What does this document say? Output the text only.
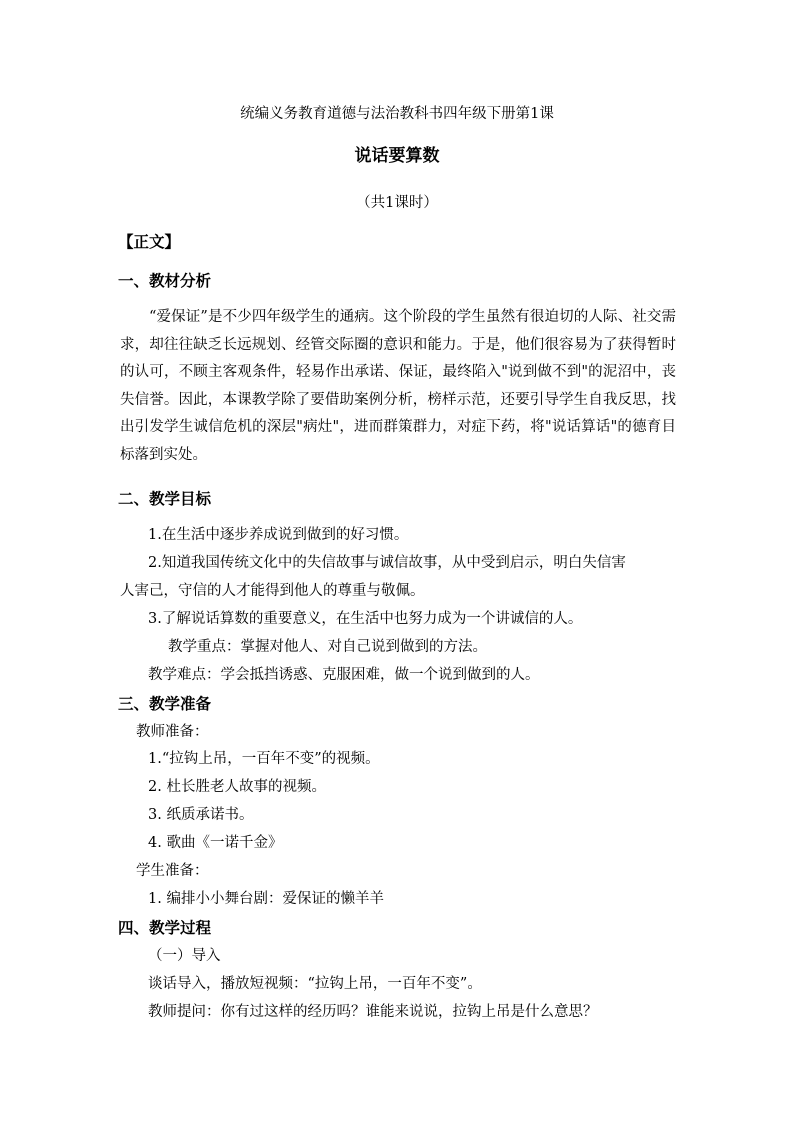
统编义务教育道德与法治教科书四年级下册第1课
说话要算数
（共1课时）
【正文】
一、教材分析
“爱保证”是不少四年级学生的通病。这个阶段的学生虽然有很迫切的人际、社交需求，却往往缺乏长远规划、经管交际圈的意识和能力。于是，他们很容易为了获得暂时的认可，不顾主客观条件，轻易作出承诺、保证，最终陷入"说到做不到"的泥沼中，丧失信誉。因此，本课教学除了要借助案例分析，榜样示范，还要引导学生自我反思，找出引发学生诚信危机的深层"病灶"，进而群策群力，对症下药，将"说话算话"的德育目标落到实处。
二、教学目标
1.在生活中逐步养成说到做到的好习惯。
2.知道我国传统文化中的失信故事与诚信故事，从中受到启示，明白失信害
人害己，守信的人才能得到他人的尊重与敬佩。
3.了解说话算数的重要意义，在生活中也努力成为一个讲诚信的人。
教学重点：掌握对他人、对自己说到做到的方法。
教学难点：学会抵挡诱惑、克服困难，做一个说到做到的人。
三、教学准备
教师准备：
1.“拉钩上吊，一百年不变”的视频。
2. 杜长胜老人故事的视频。
3. 纸质承诺书。
4. 歌曲《一诺千金》
学生准备：
1. 编排小小舞台剧：爱保证的懒羊羊
四、教学过程
（一）导入
谈话导入，播放短视频：“拉钩上吊，一百年不变”。
教师提问：你有过这样的经历吗？谁能来说说，拉钩上吊是什么意思？
